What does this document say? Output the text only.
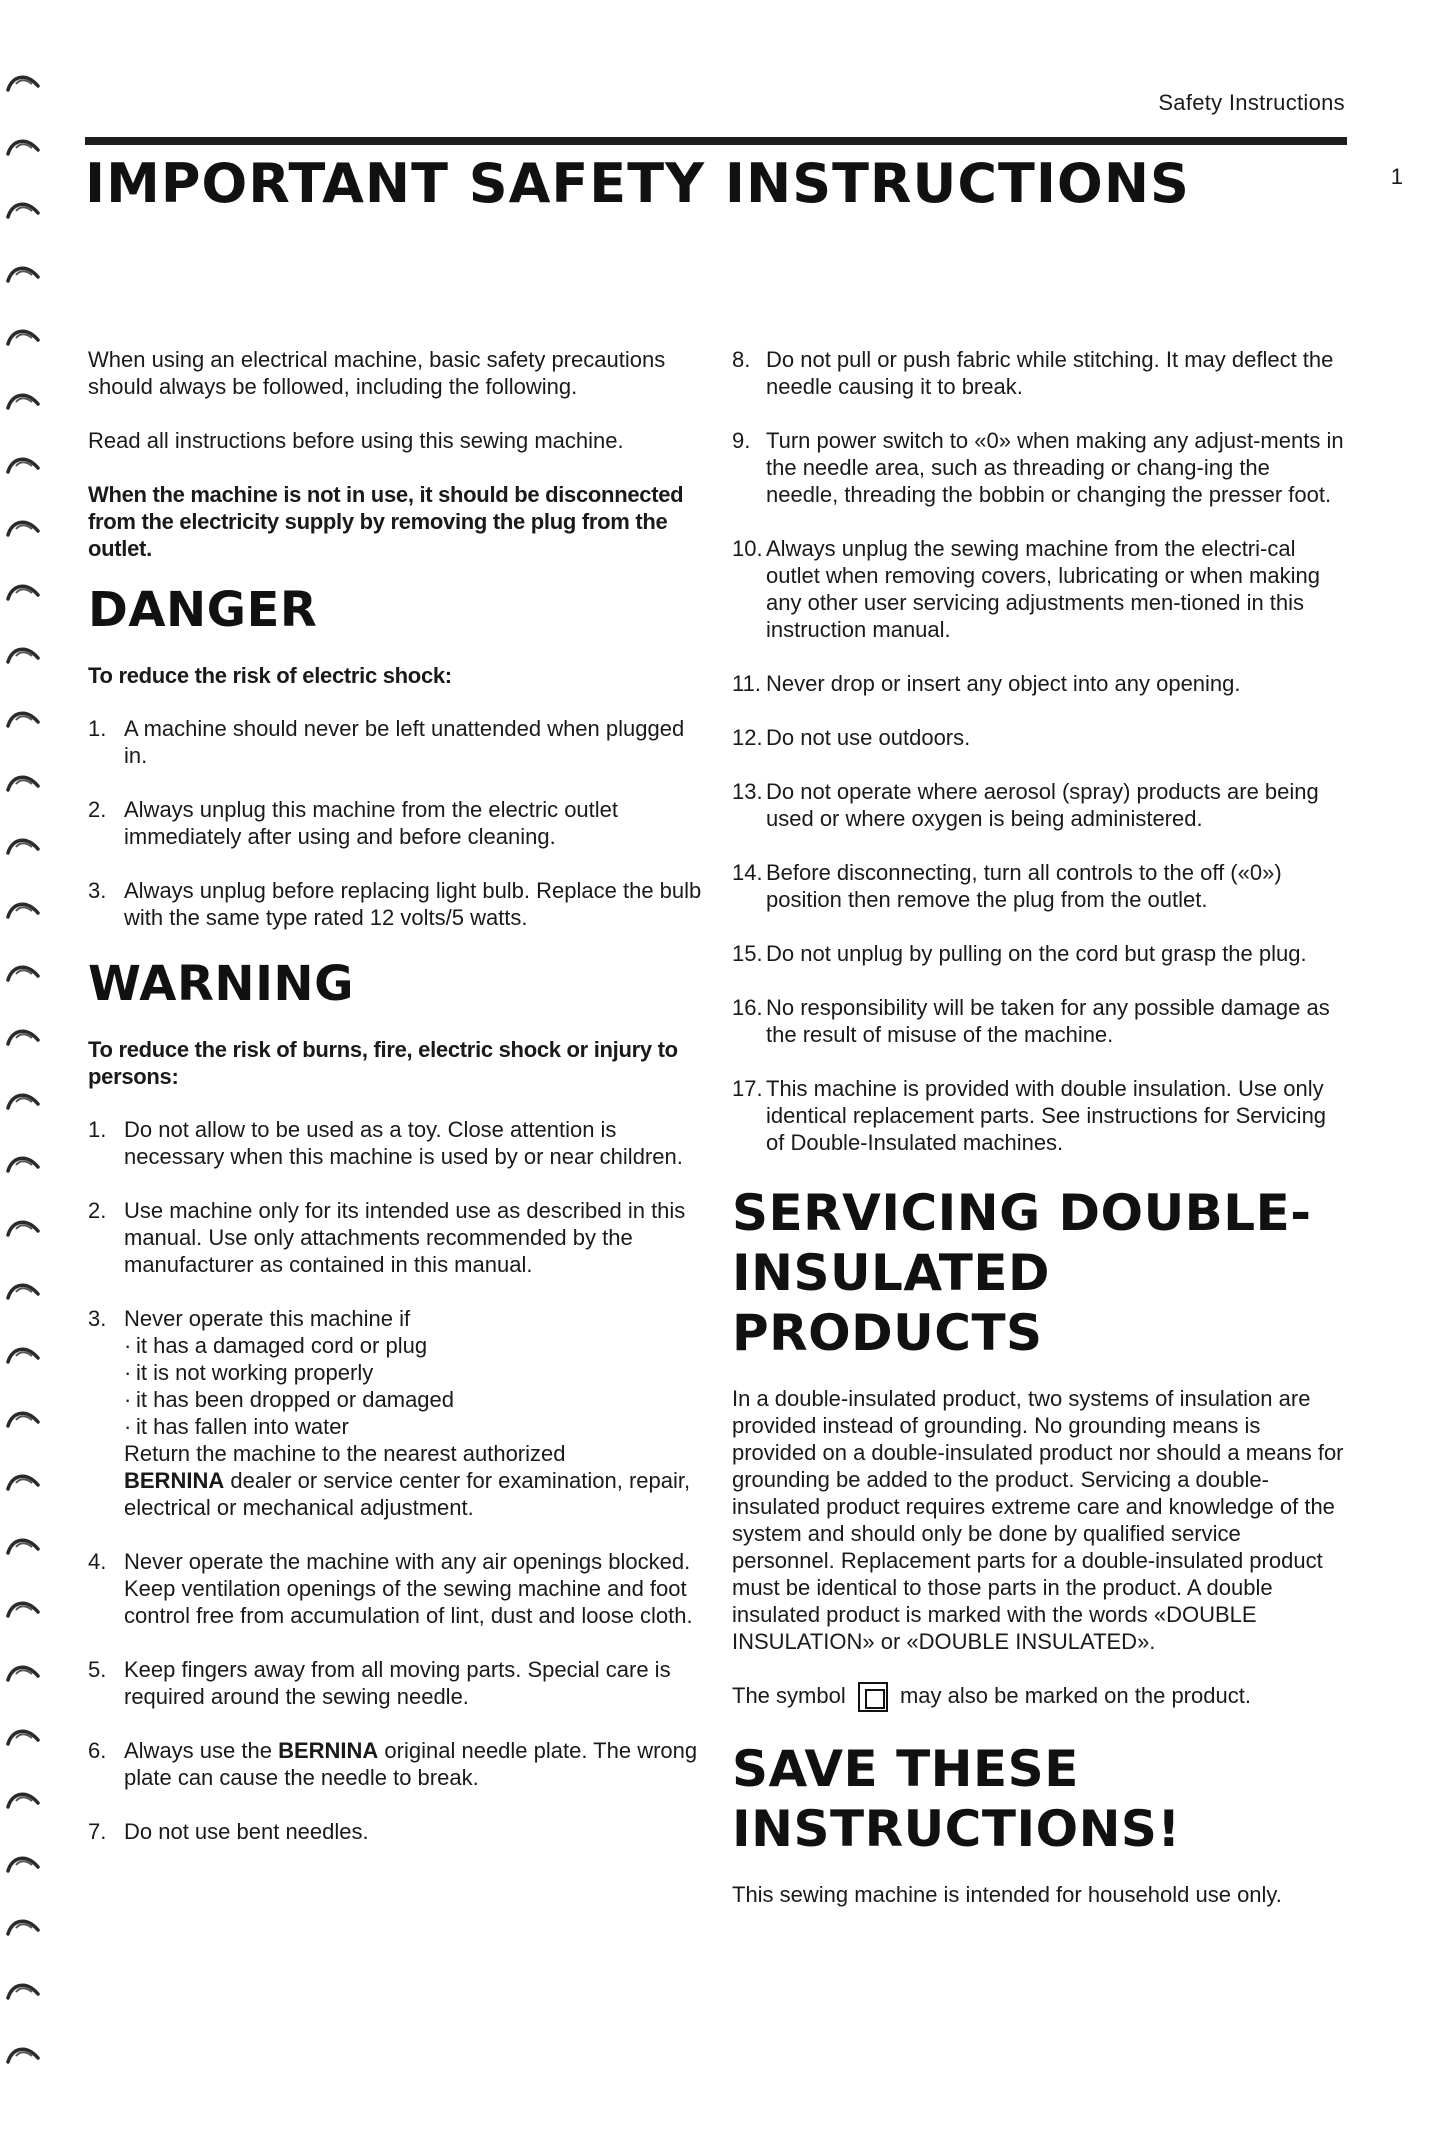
Safety Instructions
1
IMPORTANT SAFETY INSTRUCTIONS

When using an electrical machine, basic safety precautions should always be followed, including the following.

Read all instructions before using this sewing machine.

When the machine is not in use, it should be disconnected from the electricity supply by removing the plug from the outlet.

DANGER

To reduce the risk of electric shock:

1. A machine should never be left unattended when plugged in.
2. Always unplug this machine from the electric outlet immediately after using and before cleaning.
3. Always unplug before replacing light bulb. Replace the bulb with the same type rated 12 volts/5 watts.
WARNING

To reduce the risk of burns, fire, electric shock or injury to persons:

1. Do not allow to be used as a toy. Close attention is necessary when this machine is used by or near children.
2. Use machine only for its intended use as described in this manual. Use only attachments recommended by the manufacturer as contained in this manual.
3. Never operate this machine if
· it has a damaged cord or plug
· it is not working properly
· it has been dropped or damaged
· it has fallen into water
Return the machine to the nearest authorized
BERNINA dealer or service center for examination, repair, electrical or mechanical adjustment.
4. Never operate the machine with any air openings blocked. Keep ventilation openings of the sewing machine and foot control free from accumulation of lint, dust and loose cloth.
5. Keep fingers away from all moving parts. Special care is required around the sewing needle.
6. Always use the BERNINA original needle plate. The wrong plate can cause the needle to break.
7. Do not use bent needles.
8. Do not pull or push fabric while stitching. It may deflect the needle causing it to break.
9. Turn power switch to «0» when making any adjust-ments in the needle area, such as threading or chang-ing the needle, threading the bobbin or changing the presser foot.
10. Always unplug the sewing machine from the electri-cal outlet when removing covers, lubricating or when making any other user servicing adjustments men-tioned in this instruction manual.
11. Never drop or insert any object into any opening.
12. Do not use outdoors.
13. Do not operate where aerosol (spray) products are being used or where oxygen is being administered.
14. Before disconnecting, turn all controls to the off («0») position then remove the plug from the outlet.
15. Do not unplug by pulling on the cord but grasp the plug.
16. No responsibility will be taken for any possible damage as the result of misuse of the machine.
17. This machine is provided with double insulation. Use only identical replacement parts. See instructions for Servicing of Double-Insulated machines.
SERVICING DOUBLE-INSULATED PRODUCTS

In a double-insulated product, two systems of insulation are provided instead of grounding. No grounding means is provided on a double-insulated product nor should a means for grounding be added to the product. Servicing a double-insulated product requires extreme care and knowledge of the system and should only be done by qualified service personnel. Replacement parts for a double-insulated product must be identical to those parts in the product. A double insulated product is marked with the words «DOUBLE INSULATION» or «DOUBLE INSULATED».

The symbol may also be marked on the product.

SAVE THESE INSTRUCTIONS!

This sewing machine is intended for household use only.
